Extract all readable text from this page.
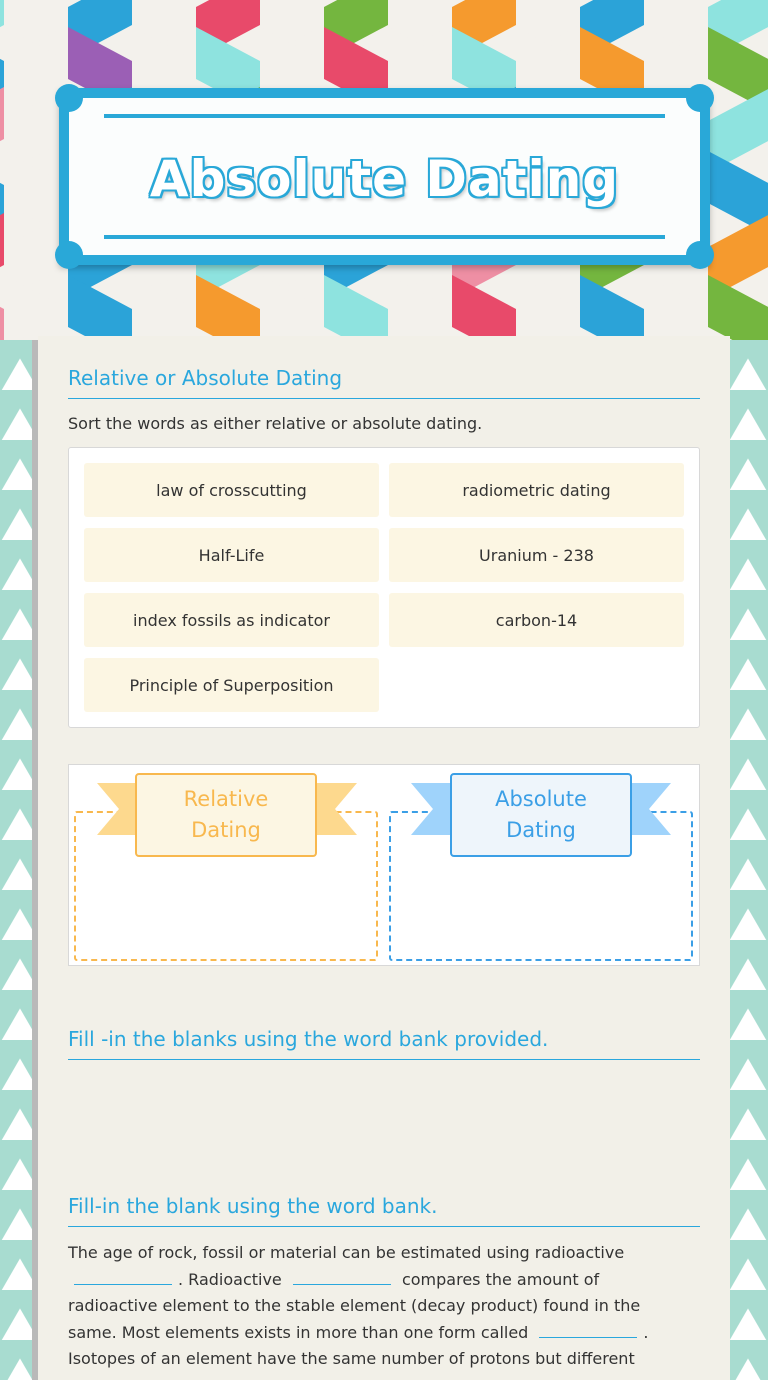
Absolute Dating
Relative or Absolute Dating
Sort the words as either relative or absolute dating.
law of crosscutting	radiometric dating
Half-Life	Uranium - 238
index fossils as indicator	carbon-14
Principle of Superposition
Relative
Dating
Absolute
Dating
Fill -in the blanks using the word bank provided.
Fill-in the blank using the word bank.
The age of rock, fossil or material can be estimated using radioactive
. Radioactive	compares the amount of radioactive element to the stable element (decay product) found in the same. Most elements exists in more than one form called	. Isotopes of an element have the same number of protons but different
